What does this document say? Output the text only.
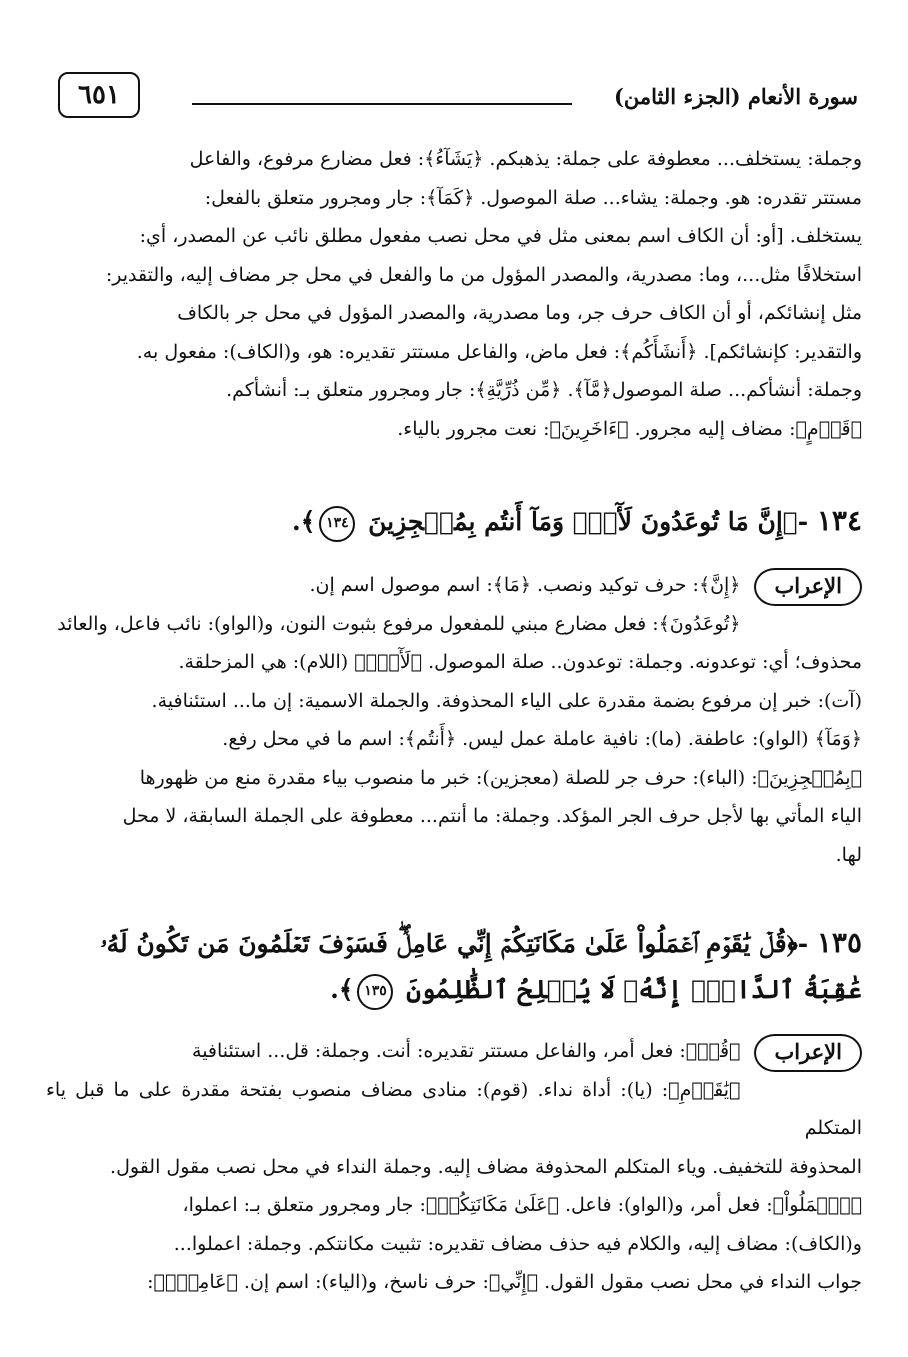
٦٥١	سورة الأنعام (الجزء الثامن)
وجملة: يستخلف... معطوفة على جملة: يذهبكم. ﴿يَشَآءُ﴾: فعل مضارع مرفوع، والفاعل
مستتر تقدره: هو. وجملة: يشاء... صلة الموصول. ﴿كَمَآ﴾: جار ومجرور متعلق بالفعل:
يستخلف. [أو: أن الكاف اسم بمعنى مثل في محل نصب مفعول مطلق نائب عن المصدر، أي:
استخلافًا مثل...، وما: مصدرية، والمصدر المؤول من ما والفعل في محل جر مضاف إليه، والتقدير:
مثل إنشائكم، أو أن الكاف حرف جر، وما مصدرية، والمصدر المؤول في محل جر بالكاف
والتقدير: كإنشائكم]. ﴿أَنشَأَكُم﴾: فعل ماض، والفاعل مستتر تقديره: هو، و(الكاف): مفعول به.
وجملة: أنشأكم... صلة الموصول﴿مَّآ﴾. ﴿مِّن ذُرِّيَّةِ﴾: جار ومجرور متعلق بـ: أنشأكم.
﴿قَوۡمٍ﴾: مضاف إليه مجرور. ﴿ءَاخَرِينَ﴾: نعت مجرور بالياء.
١٣٤ -﴿إِنَّ مَا تُوعَدُونَ لَأٓتٖۖ وَمَآ أَنتُم بِمُعۡجِزِينَ ١٣٤﴾.
الإعراب
﴿إِنَّ﴾: حرف توكيد ونصب. ﴿مَا﴾: اسم موصول اسم إن.
﴿تُوعَدُونَ﴾: فعل مضارع مبني للمفعول مرفوع بثبوت النون، و(الواو): نائب فاعل، والعائد
محذوف؛ أي: توعدونه. وجملة: توعدون.. صلة الموصول. ﴿لَأٓتٖۖ﴾ (اللام): هي المزحلقة.
(آت): خبر إن مرفوع بضمة مقدرة على الياء المحذوفة. والجملة الاسمية: إن ما... استئنافية.
﴿وَمَآ﴾ (الواو): عاطفة. (ما): نافية عاملة عمل ليس. ﴿أَنتُم﴾: اسم ما في محل رفع.
﴿بِمُعۡجِزِينَ﴾: (الباء): حرف جر للصلة (معجزين): خبر ما منصوب بياء مقدرة منع من ظهورها
الياء المأتي بها لأجل حرف الجر المؤكد. وجملة: ما أنتم... معطوفة على الجملة السابقة، لا محل
لها.
١٣٥ -﴿قُلۡ يَٰقَوۡمِ ٱعۡمَلُواْ عَلَىٰ مَكَانَتِكُمۡ إِنِّي عَامِلٞۖ فَسَوۡفَ تَعۡلَمُونَ مَن تَكُونُ لَهُۥ
عَٰقِبَةُ ٱلدَّارِۚ إِنَّهُۥ لَا يُفۡلِحُ ٱلظَّٰلِمُونَ ١٣٥﴾.
الإعراب
﴿قُلۡ﴾: فعل أمر، والفاعل مستتر تقديره: أنت. وجملة: قل... استئنافية
﴿يَٰقَوۡمِ﴾: (يا): أداة نداء. (قوم): منادى مضاف منصوب بفتحة مقدرة على ما قبل ياء المتكلم
المحذوفة للتخفيف. وياء المتكلم المحذوفة مضاف إليه. وجملة النداء في محل نصب مقول القول.
﴿ٱعۡمَلُواْ﴾: فعل أمر، و(الواو): فاعل. ﴿عَلَىٰ مَكَانَتِكُمۡ﴾: جار ومجرور متعلق بـ: اعملوا،
و(الكاف): مضاف إليه، والكلام فيه حذف مضاف تقديره: تثبيت مكانتكم. وجملة: اعملوا...
جواب النداء في محل نصب مقول القول. ﴿إِنِّي﴾: حرف ناسخ، و(الياء): اسم إن. ﴿عَامِلٞۖ﴾:
